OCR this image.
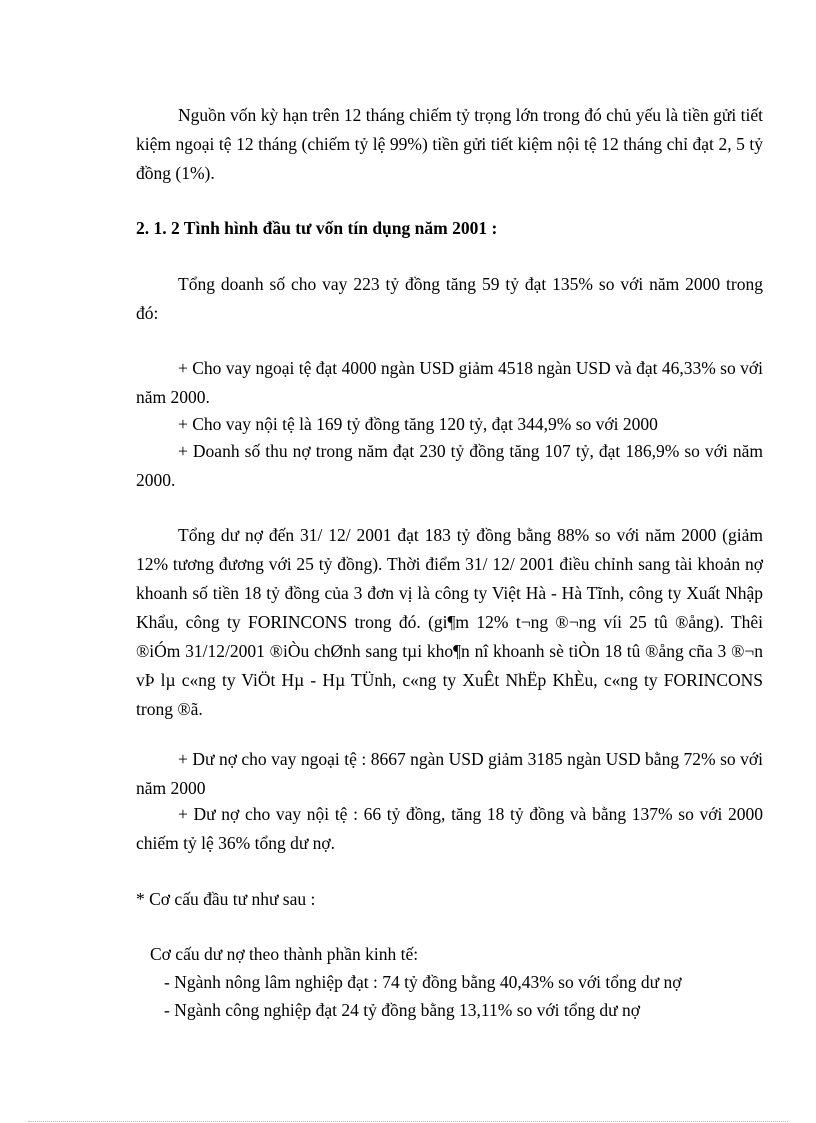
Nguồn vốn kỳ hạn trên 12 tháng chiếm tỷ trọng lớn trong đó chủ yếu là tiền gửi tiết kiệm ngoại tệ 12 tháng (chiếm tỷ lệ 99%) tiền gửi tiết kiệm nội tệ 12 tháng chỉ đạt 2, 5 tỷ đồng (1%).

2. 1. 2 Tình hình đầu tư vốn tín dụng năm 2001 :

Tổng doanh số cho vay 223 tỷ đồng tăng 59 tỷ đạt 135% so với năm 2000 trong đó:

+ Cho vay ngoại tệ đạt 4000 ngàn USD giảm 4518 ngàn USD và đạt 46,33% so với năm 2000.

+ Cho vay nội tệ là 169 tỷ đồng tăng 120 tỷ, đạt 344,9% so với 2000

+ Doanh số thu nợ trong năm đạt 230 tỷ đồng tăng 107 tỷ, đạt 186,9% so với năm 2000.

Tổng dư nợ đến 31/ 12/ 2001 đạt 183 tỷ đồng bằng 88% so với năm 2000 (giảm 12% tương đương với 25 tỷ đồng). Thời điểm 31/ 12/ 2001 điều chỉnh sang tài khoản nợ khoanh số tiền 18 tỷ đồng của 3 đơn vị là công ty Việt Hà - Hà Tĩnh, công ty Xuất Nhập Khẩu, công ty FORINCONS trong đó. (gi¶m 12% t¬ng ®¬ng víi 25 tû ®ång). Thêi ®iÓm 31/12/2001 ®iÒu chØnh sang tµi kho¶n nî khoanh sè tiÒn 18 tû ®ång cña 3 ®¬n vÞ lµ c«ng ty ViÖt Hµ - Hµ TÜnh, c«ng ty XuÊt NhËp KhÈu, c«ng ty FORINCONS trong ®ã.

+ Dư nợ cho vay ngoại tệ : 8667 ngàn USD giảm 3185 ngàn USD bằng 72% so với năm 2000

+ Dư nợ cho vay nội tệ : 66 tỷ đồng, tăng 18 tỷ đồng và bằng 137% so với 2000 chiếm tỷ lệ 36% tổng dư nợ.

* Cơ cấu đầu tư như sau :

Cơ cấu dư nợ theo thành phần kinh tế:

- Ngành nông lâm nghiệp đạt : 74 tỷ đồng bằng 40,43% so với tổng dư nợ

- Ngành công nghiệp đạt 24 tỷ đồng bằng 13,11% so với tổng dư nợ
